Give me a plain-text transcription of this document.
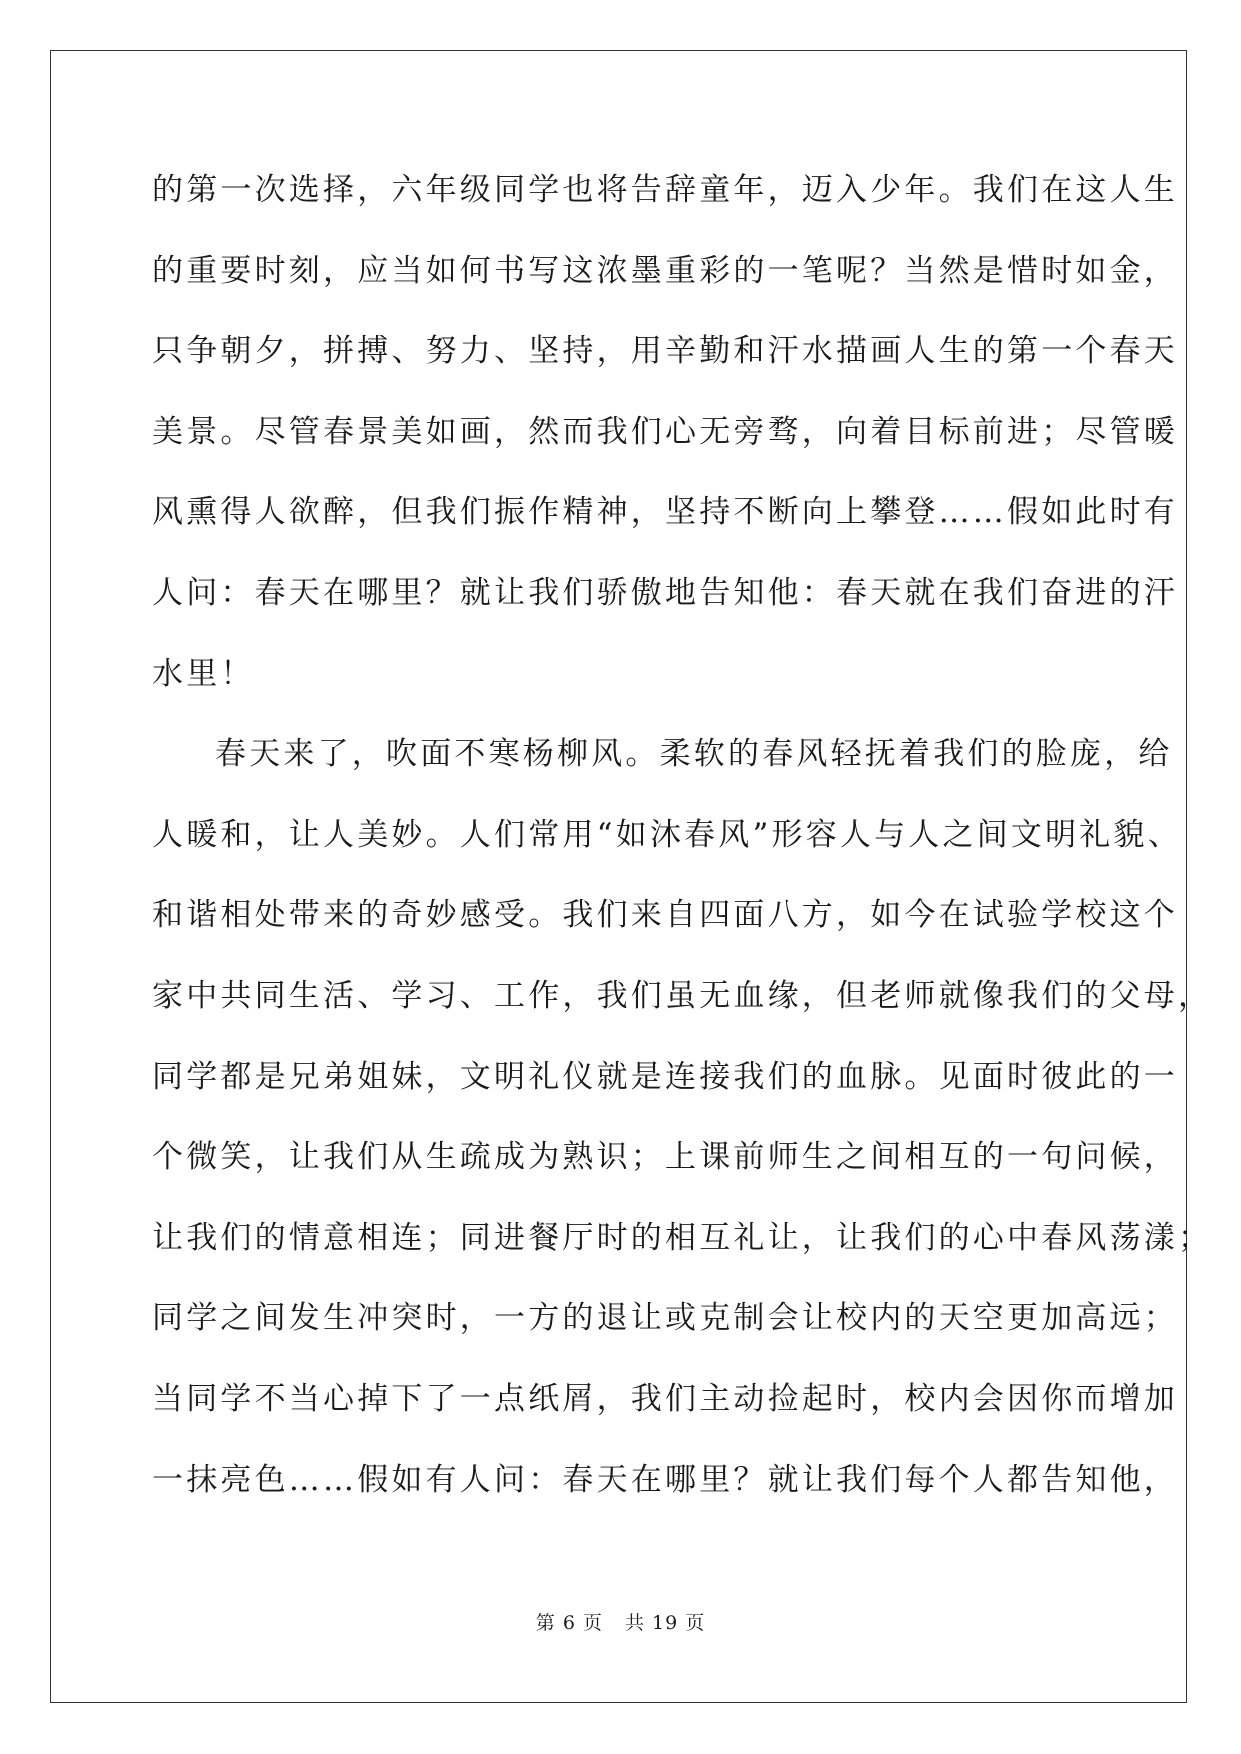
的第一次选择，六年级同学也将告辞童年，迈入少年。我们在这人生
的重要时刻，应当如何书写这浓墨重彩的一笔呢？当然是惜时如金，
只争朝夕，拼搏、努力、坚持，用辛勤和汗水描画人生的第一个春天
美景。尽管春景美如画，然而我们心无旁骛，向着目标前进；尽管暖
风熏得人欲醉，但我们振作精神，坚持不断向上攀登……假如此时有
人问：春天在哪里？就让我们骄傲地告知他：春天就在我们奋进的汗
水里！
春天来了，吹面不寒杨柳风。柔软的春风轻抚着我们的脸庞，给
人暖和，让人美妙。人们常用“如沐春风”形容人与人之间文明礼貌、
和谐相处带来的奇妙感受。我们来自四面八方，如今在试验学校这个
家中共同生活、学习、工作，我们虽无血缘，但老师就像我们的父母，
同学都是兄弟姐妹，文明礼仪就是连接我们的血脉。见面时彼此的一
个微笑，让我们从生疏成为熟识；上课前师生之间相互的一句问候，
让我们的情意相连；同进餐厅时的相互礼让，让我们的心中春风荡漾；
同学之间发生冲突时，一方的退让或克制会让校内的天空更加高远；
当同学不当心掉下了一点纸屑，我们主动捡起时，校内会因你而增加
一抹亮色……假如有人问：春天在哪里？就让我们每个人都告知他，
第 6 页 共 19 页
